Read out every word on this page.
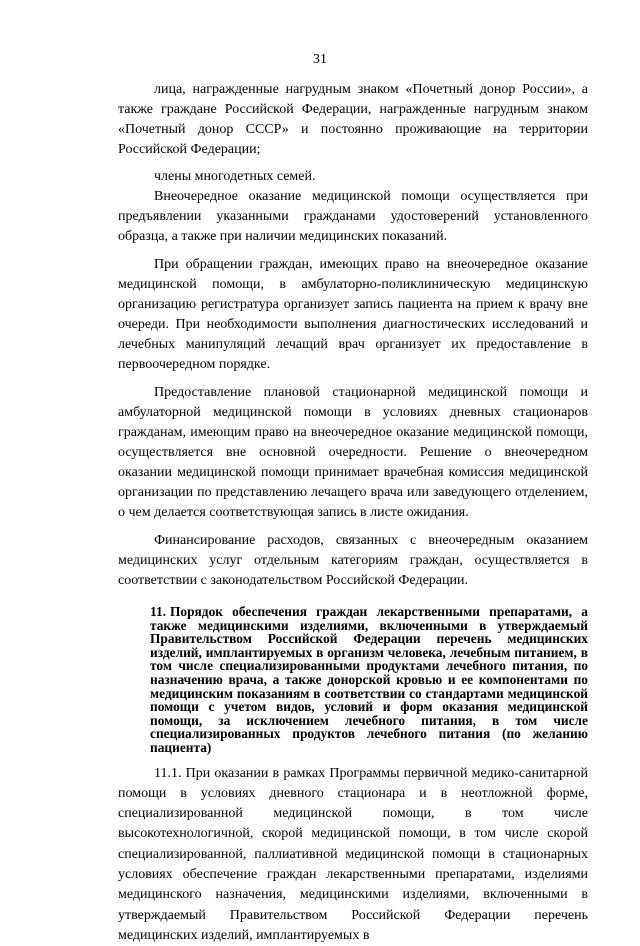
31

лица, награжденные нагрудным знаком «Почетный донор России», а также граждане Российской Федерации, награжденные нагрудным знаком «Почетный донор СССР» и постоянно проживающие на территории Российской Федерации;

члены многодетных семей.

Внеочередное оказание медицинской помощи осуществляется при предъявлении указанными гражданами удостоверений установленного образца, а также при наличии медицинских показаний.

При обращении граждан, имеющих право на внеочередное оказание медицинской помощи, в амбулаторно-поликлиническую медицинскую организацию регистратура организует запись пациента на прием к врачу вне очереди. При необходимости выполнения диагностических исследований и лечебных манипуляций лечащий врач организует их предоставление в первоочередном порядке.

Предоставление плановой стационарной медицинской помощи и амбулаторной медицинской помощи в условиях дневных стационаров гражданам, имеющим право на внеочередное оказание медицинской помощи, осуществляется вне основной очередности. Решение о внеочередном оказании медицинской помощи принимает врачебная комиссия медицинской организации по представлению лечащего врача или заведующего отделением, о чем делается соответствующая запись в листе ожидания.

Финансирование расходов, связанных с внеочередным оказанием медицинских услуг отдельным категориям граждан, осуществляется в соответствии с законодательством Российской Федерации.

11. Порядок обеспечения граждан лекарственными препаратами, а также медицинскими изделиями, включенными в утверждаемый Правительством Российской Федерации перечень медицинских изделий, имплантируемых в организм человека, лечебным питанием, в том числе специализированными продуктами лечебного питания, по назначению врача, а также донорской кровью и ее компонентами по медицинским показаниям в соответствии со стандартами медицинской помощи с учетом видов, условий и форм оказания медицинской помощи, за исключением лечебного питания, в том числе специализированных продуктов лечебного питания (по желанию пациента)

11.1. При оказании в рамках Программы первичной медико-санитарной помощи в условиях дневного стационара и в неотложной форме, специализированной медицинской помощи, в том числе высокотехнологичной, скорой медицинской помощи, в том числе скорой специализированной, паллиативной медицинской помощи в стационарных условиях обеспечение граждан лекарственными препаратами, изделиями медицинского назначения, медицинскими изделиями, включенными в утверждаемый Правительством Российской Федерации перечень медицинских изделий, имплантируемых в
